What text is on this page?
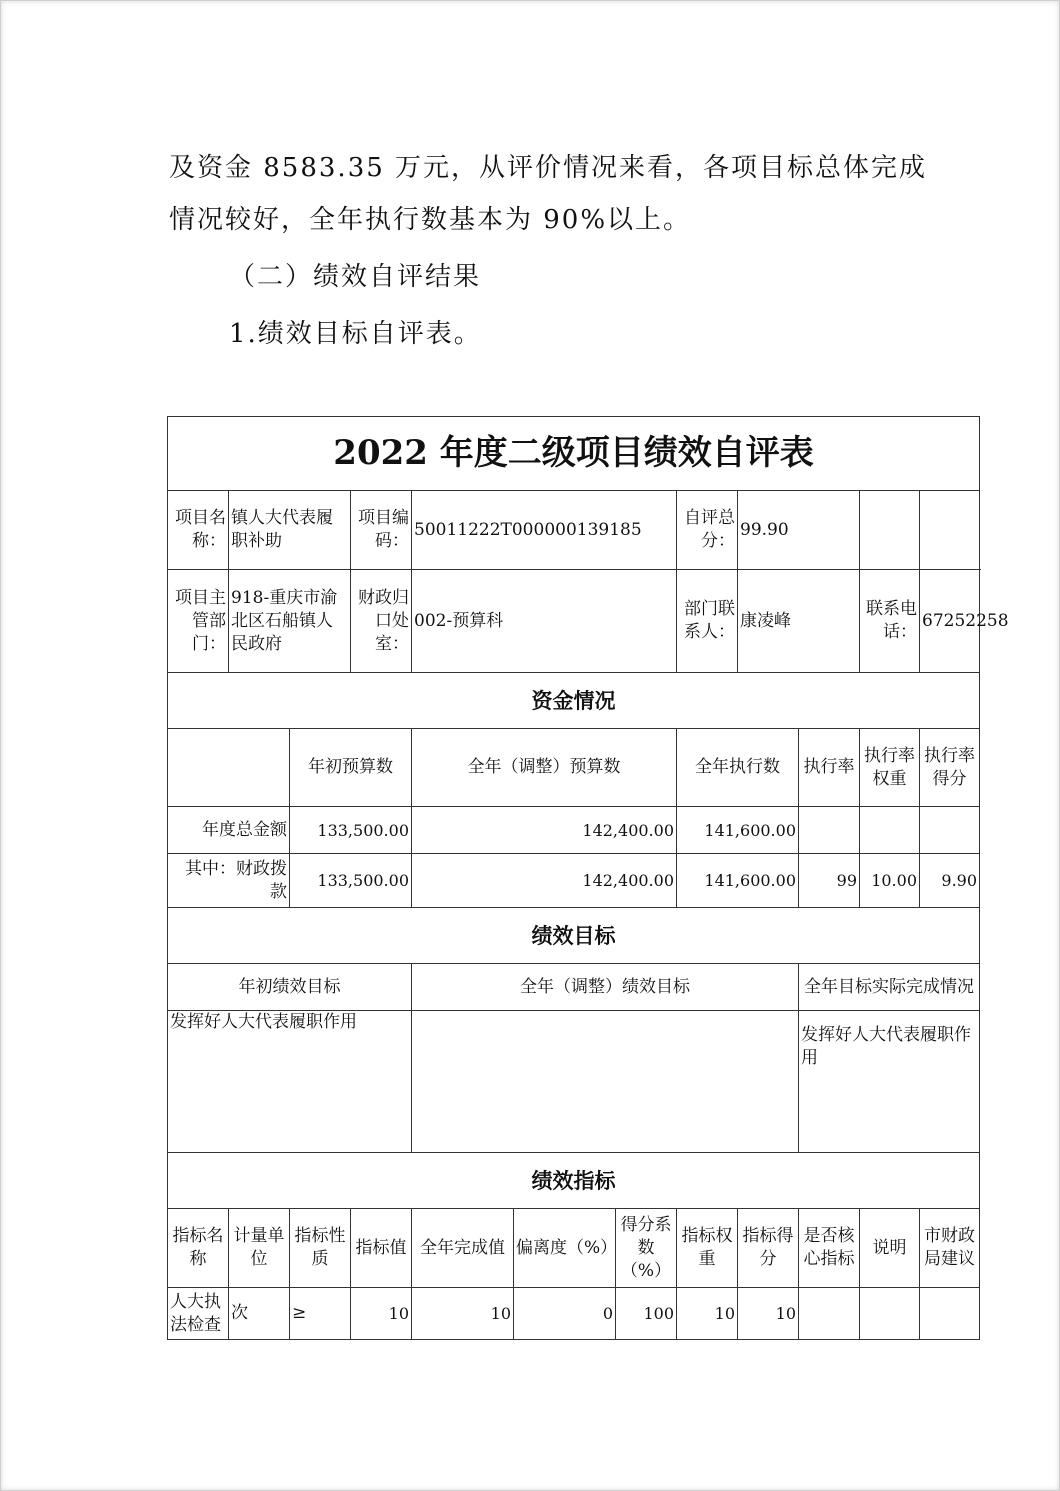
及资金 8583.35 万元，从评价情况来看，各项目标总体完成
情况较好，全年执行数基本为 90%以上。
（二）绩效自评结果
1.绩效目标自评表。
2022 年度二级项目绩效自评表											
项目名称：	镇人大代表履职补助		项目编码：	50011222T000000139185			自评总分：	99.90			
项目主管部门：	918-重庆市渝北区石船镇人民政府		财政归口处室：	002-预算科			部门联系人：	康凌峰		联系电话：	67252258
资金情况											
		年初预算数		全年（调整）预算数			全年执行数		执行率	执行率权重	执行率得分
年度总金额		133,500.00		142,400.00			141,600.00				
其中：财政拨款		133,500.00		142,400.00			141,600.00		99	10.00	9.90
绩效目标											
年初绩效目标				全年（调整）绩效目标					全年目标实际完成情况		
发挥好人大代表履职作用									发挥好人大代表履职作用		
绩效指标											
指标名称	计量单位	指标性质	指标值	全年完成值	偏离度（%）	得分系数（%）	指标权重	指标得分	是否核心指标	说明	市财政局建议
人大执法检查	次	≥	10	10	0	100	10	10			
